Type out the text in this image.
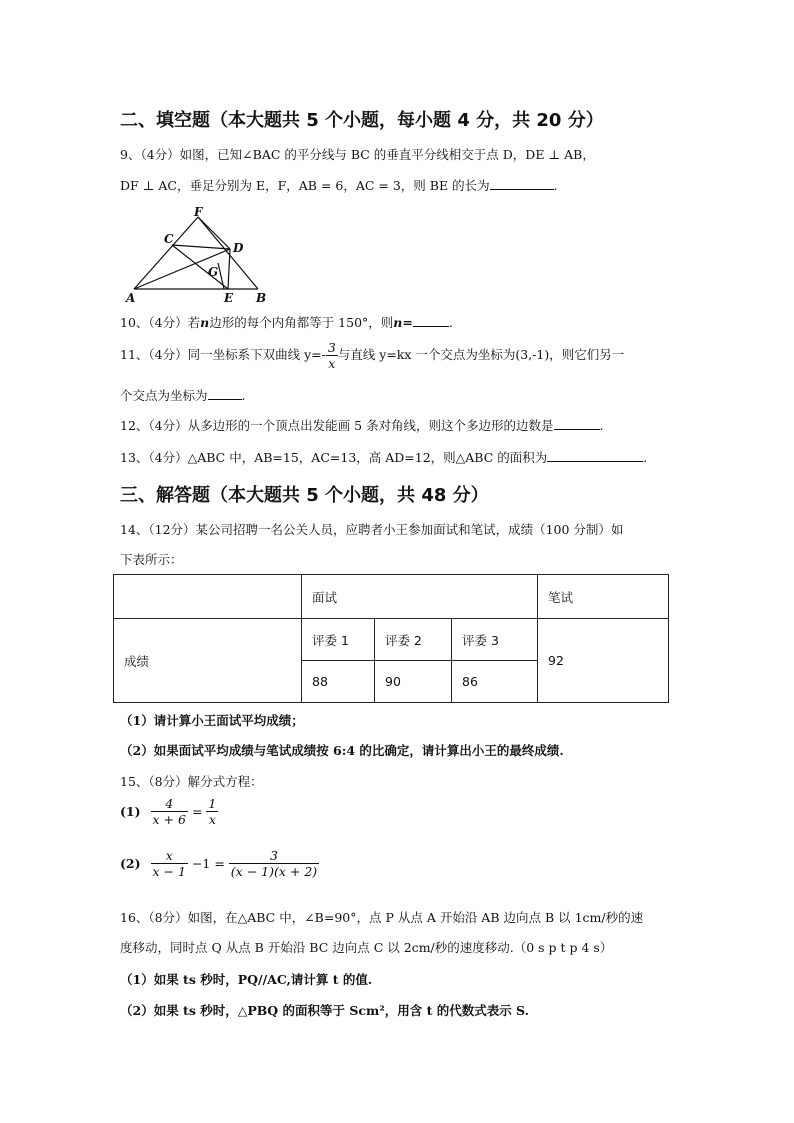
二、填空题（本大题共 5 个小题，每小题 4 分，共 20 分）
9、（4分）如图，已知∠BAC 的平分线与 BC 的垂直平分线相交于点 D，DE ⊥ AB，
DF ⊥ AC，垂足分别为 E，F，AB = 6，AC = 3，则 BE 的长为	.
A	B
C
D
E
F
G
10、（4分）若n边形的每个内角都等于 150°，则n=	.
11、（4分）同一坐标系下双曲线 $y=- \frac{3}{x}$ 与直线 y=kx 一个交点为坐标为(3,-1)，则它们另一
个交点为坐标为	.
12、（4分）从多边形的一个顶点出发能画 5 条对角线，则这个多边形的边数是	.
13、（4分）△ABC 中，AB=15，AC=13，高 AD=12，则△ABC 的面积为	.
三、解答题（本大题共 5 个小题，共 48 分）
14、（12分）某公司招聘一名公关人员，应聘者小王参加面试和笔试，成绩（100 分制）如
下表所示：
	面试			笔试
成绩	评委 1	评委 2	评委 3	92
	88	90	86	
（1）请计算小王面试平均成绩；
（2）如果面试平均成绩与笔试成绩按 6:4 的比确定，请计算出小王的最终成绩.
15、（8分）解分式方程：
$(1) \frac{4}{x + 6} = \frac{1}{x}$
$(2) \frac{x}{x - 1} -1 = \frac{3}{(x - 1)(x + 2)}$
16、（8分）如图，在△ABC 中，∠B=90°，点 P 从点 A 开始沿 AB 边向点 B 以 1cm/秒的速
度移动，同时点 Q 从点 B 开始沿 BC 边向点 C 以 2cm/秒的速度移动.（0 s p t p 4 s）
（1）如果 ts 秒时，PQ//AC,请计算 t 的值.
（2）如果 ts 秒时，△PBQ 的面积等于 Scm²，用含 t 的代数式表示 S.
